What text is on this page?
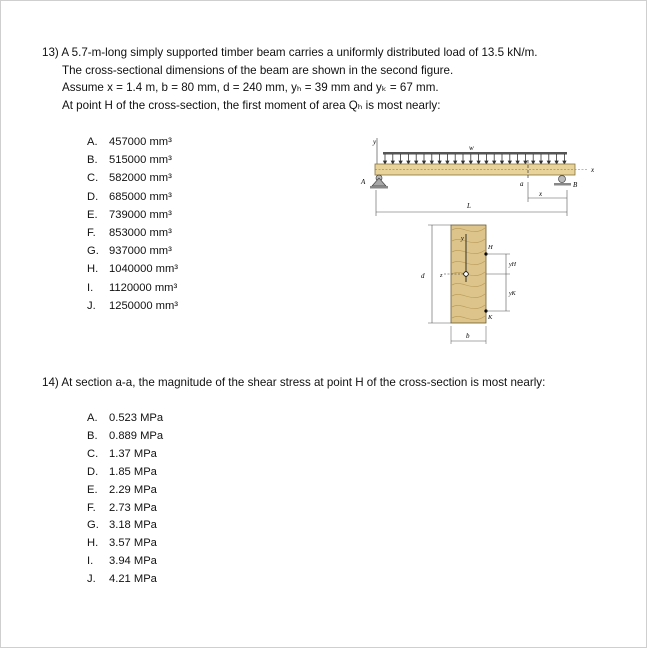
13) A 5.7-m-long simply supported timber beam carries a uniformly distributed load of 13.5 kN/m.
The cross-sectional dimensions of the beam are shown in the second figure.
Assume x = 1.4 m, b = 80 mm, d = 240 mm, yₕ = 39 mm and yₖ = 67 mm.
At point H of the cross-section, the first moment of area Qₕ is most nearly:
A. 457000 mm³
B. 515000 mm³
C. 582000 mm³
D. 685000 mm³
E. 739000 mm³
F. 853000 mm³
G. 937000 mm³
H. 1040000 mm³
I. 1120000 mm³
J. 1250000 mm³
y
w
x
a
A	B
L
x
d z
y
H
K
yH
yK
b
14) At section a-a, the magnitude of the shear stress at point H of the cross-section is most nearly:
A. 0.523 MPa
B. 0.889 MPa
C. 1.37 MPa
D. 1.85 MPa
E. 2.29 MPa
F. 2.73 MPa
G. 3.18 MPa
H. 3.57 MPa
I. 3.94 MPa
J. 4.21 MPa
